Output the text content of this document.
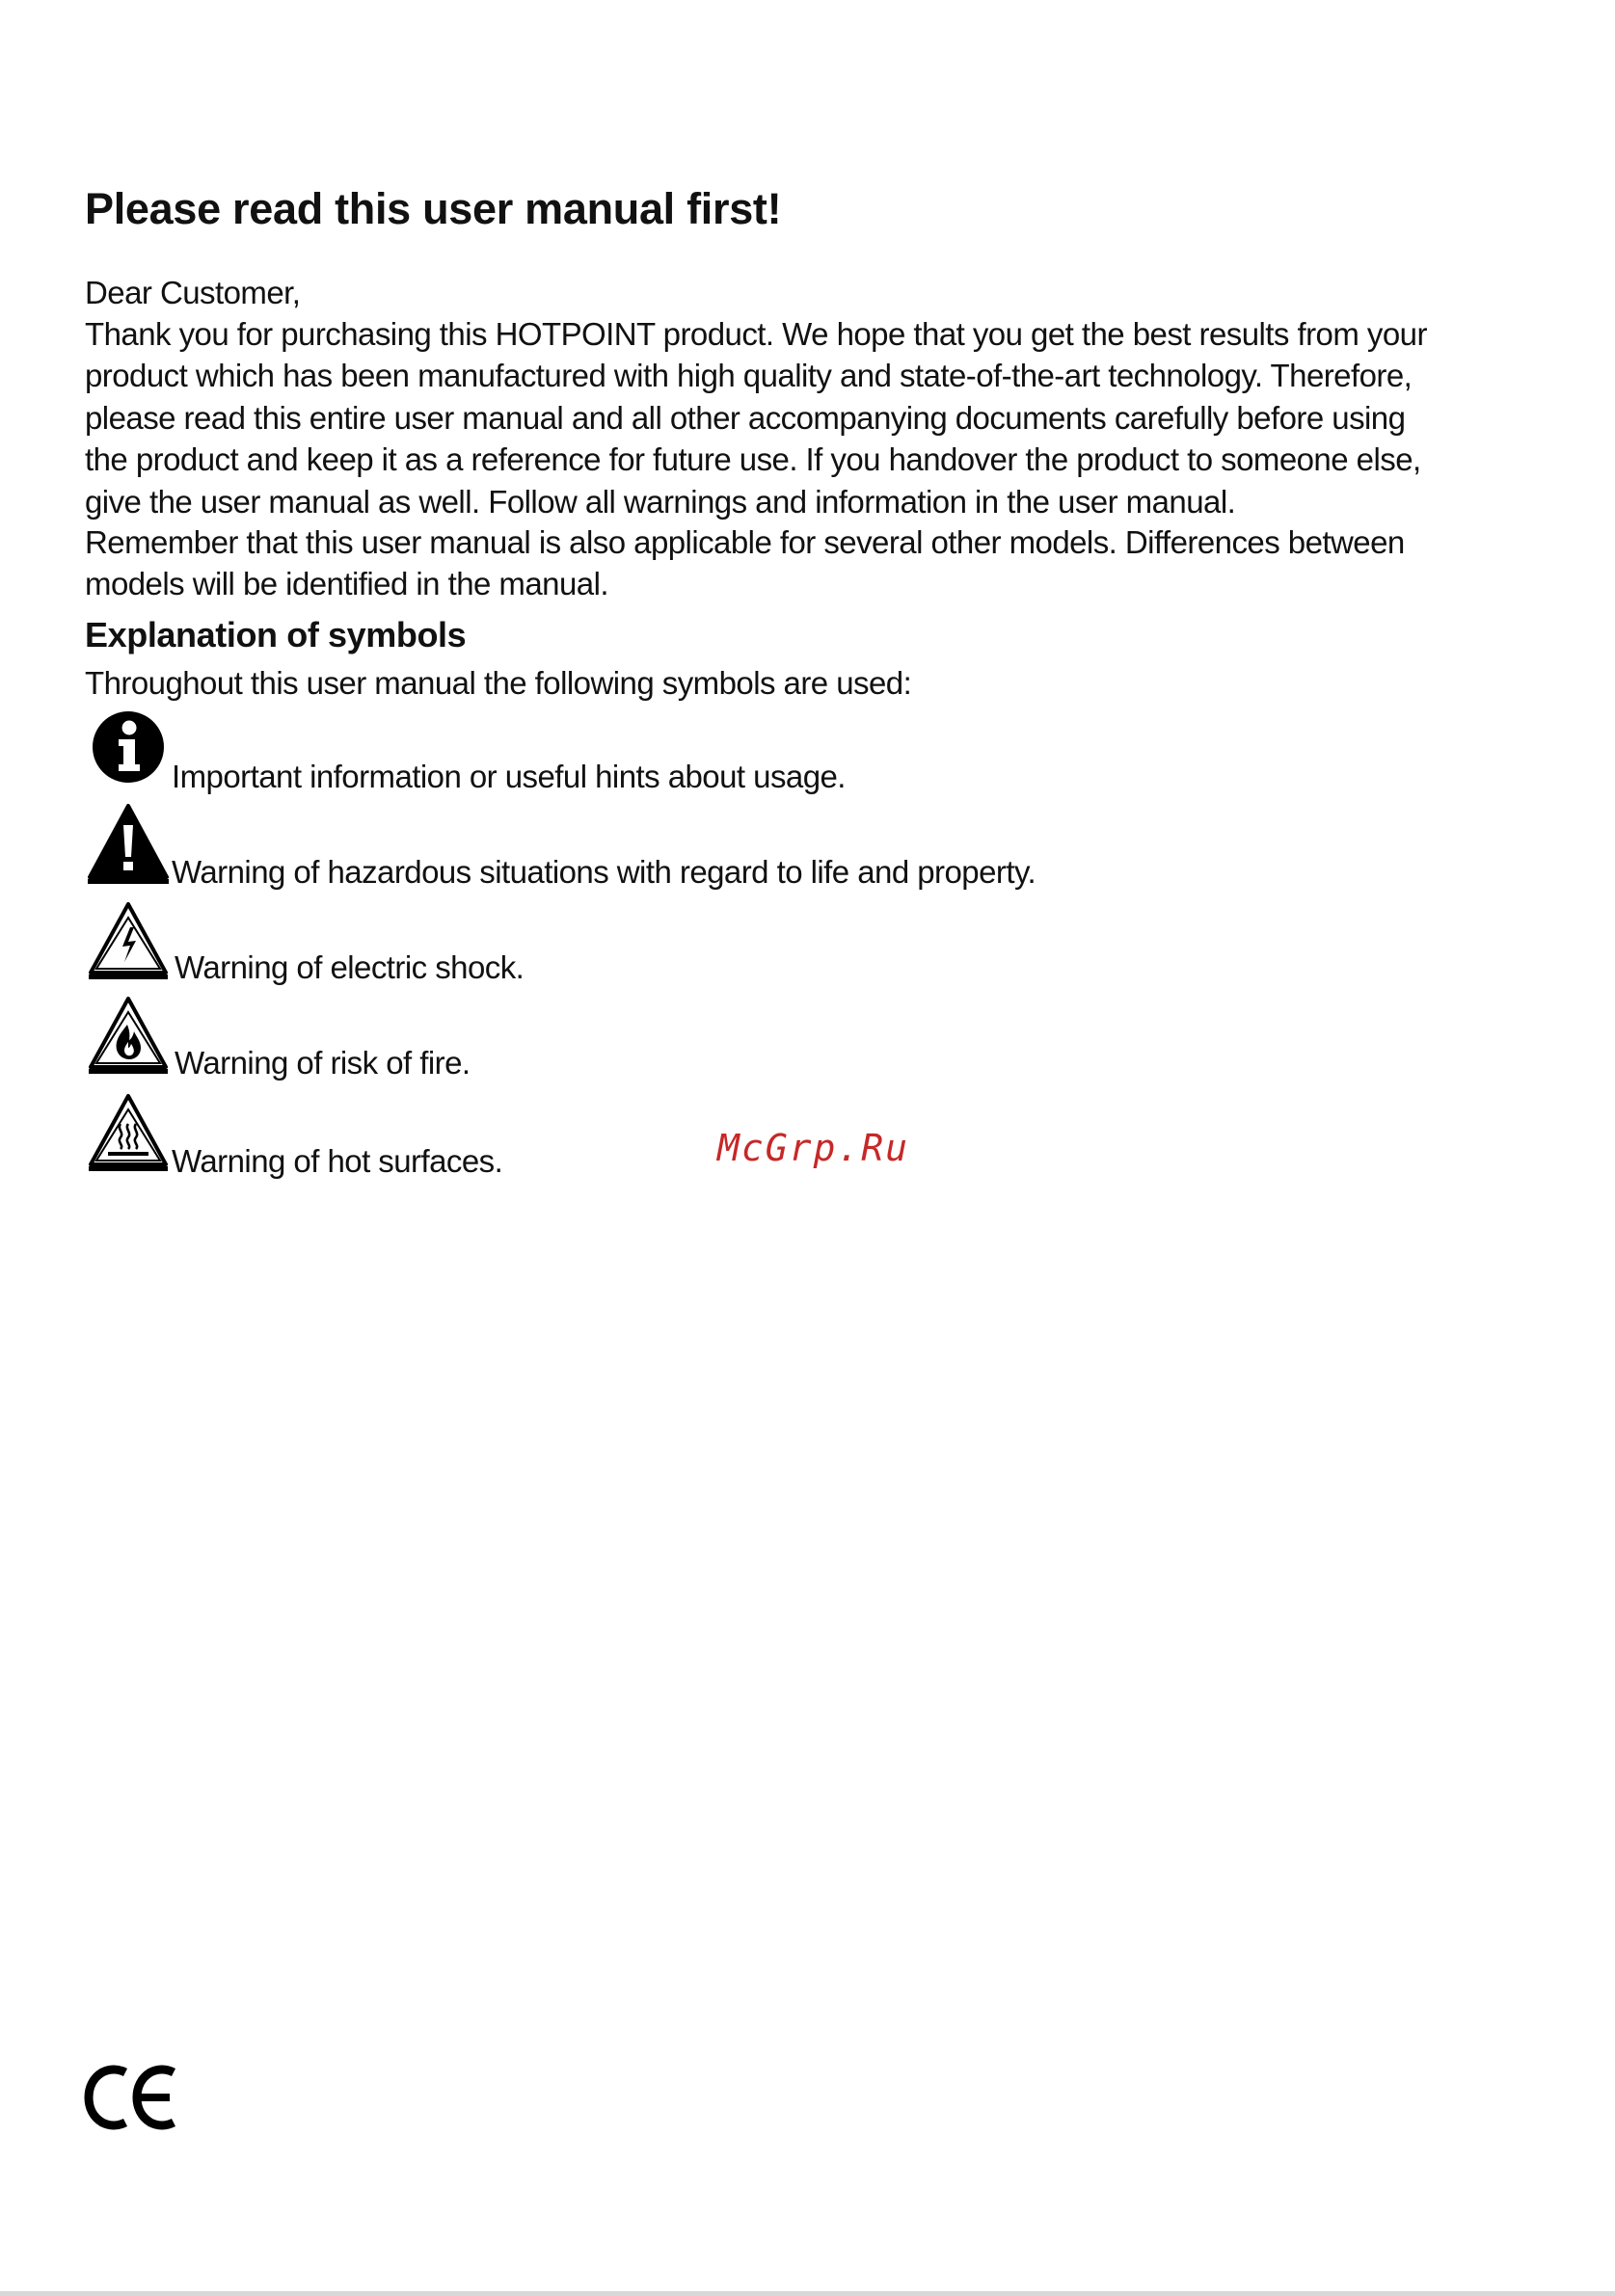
Please read this user manual first!

Dear Customer,

Thank you for purchasing this HOTPOINT product. We hope that you get the best results from your
product which has been manufactured with high quality and state-of-the-art technology. Therefore,
please read this entire user manual and all other accompanying documents carefully before using
the product and keep it as a reference for future use. If you handover the product to someone else,
give the user manual as well. Follow all warnings and information in the user manual.

Remember that this user manual is also applicable for several other models. Differences between
models will be identified in the manual.

Explanation of symbols

Throughout this user manual the following symbols are used:

Important information or useful hints about usage.
Warning of hazardous situations with regard to life and property.
Warning of electric shock.
Warning of risk of fire.
Warning of hot surfaces.	McGrp.Ru
